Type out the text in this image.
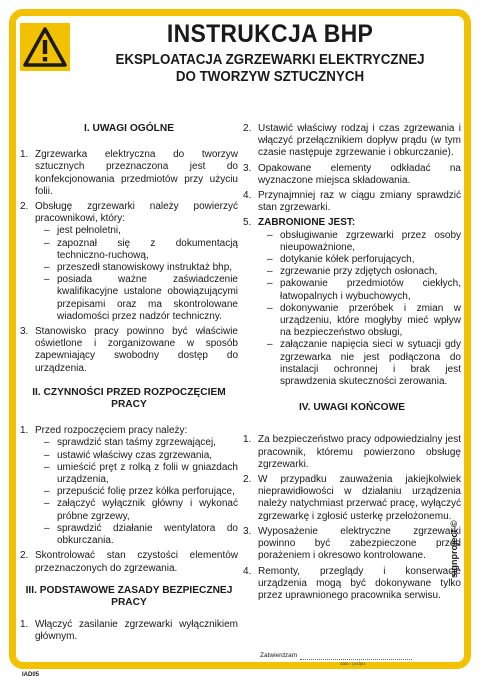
INSTRUKCJA BHP
EKSPLOATACJA ZGRZEWARKI ELEKTRYCZNEJ
DO TWORZYW SZTUCZNYCH
I. UWAGI OGÓLNE
1. Zgrzewarka elektryczna do tworzyw sztucznych przeznaczona jest do konfekcjonowania przedmiotów przy użyciu folii.
2. Obsługę zgrzewarki należy powierzyć pracownikowi, który:
– jest pełnoletni,
– zapoznał się z dokumentacją techniczno-ruchową,
– przeszedł stanowiskowy instruktaż bhp,
– posiada ważne zaświadczenie kwalifikacyjne ustalone obowiązującymi przepisami oraz ma skontrolowane wiadomości przez nadzór techniczny.
3. Stanowisko pracy powinno być właściwie oświetlone i zorganizowane w sposób zapewniający swobodny dostęp do urządzenia.
II. CZYNNOŚCI PRZED ROZPOCZĘCIEM PRACY
1. Przed rozpoczęciem pracy należy:
– sprawdzić stan taśmy zgrzewającej,
– ustawić właściwy czas zgrzewania,
– umieścić pręt z rolką z folii w gniazdach urządzenia,
– przepuścić folię przez kółka perforujące,
– załączyć wyłącznik główny i wykonać próbne zgrzewy,
– sprawdzić działanie wentylatora do obkurczania.
2. Skontrolować stan czystości elementów przeznaczonych do zgrzewania.
III. PODSTAWOWE ZASADY BEZPIECZNEJ
PRACY
1. Włączyć zasilanie zgrzewarki wyłącznikiem głównym.
2. Ustawić właściwy rodzaj i czas zgrzewania i włączyć przełącznikiem dopływ prądu (w tym czasie następuje zgrzewanie i obkurczanie).
3. Opakowane elementy odkładać na wyznaczone miejsca składowania.
4. Przynajmniej raz w ciągu zmiany sprawdzić stan zgrzewarki.
5. ZABRONIONE JEST:
– obsługiwanie zgrzewarki przez osoby nieupoważnione,
– dotykanie kółek perforujących,
– zgrzewanie przy zdjętych osłonach,
– pakowanie przedmiotów ciekłych, łatwopalnych i wybuchowych,
– dokonywanie przeróbek i zmian w urządzeniu, które mogłyby mieć wpływ na bezpieczeństwo obsługi,
– załączanie napięcia sieci w sytuacji gdy zgrzewarka nie jest podłączona do instalacji ochronnej i brak jest sprawdzenia skuteczności zerowania.
IV. UWAGI KOŃCOWE
1. Za bezpieczeństwo pracy odpowiedzialny jest pracownik, któremu powierzono obsługę zgrzewarki.
2. W przypadku zauważenia jakiejkolwiek nieprawidłowości w działaniu urządzenia należy natychmiast przerwać pracę, wyłączyć zgrzewarkę i zgłosić usterkę przełożonemu.
3. Wyposażenie elektryczne zgrzewarki powinno być zabezpieczone przed porażeniem i okresowo kontrolowane.
4. Remonty, przeglądy i konserwacje urządzenia mogą być dokonywane tylko przez uprawnionego pracownika serwisu.
Zatwierdzam
data i podpis
signproject ©
IAD05
